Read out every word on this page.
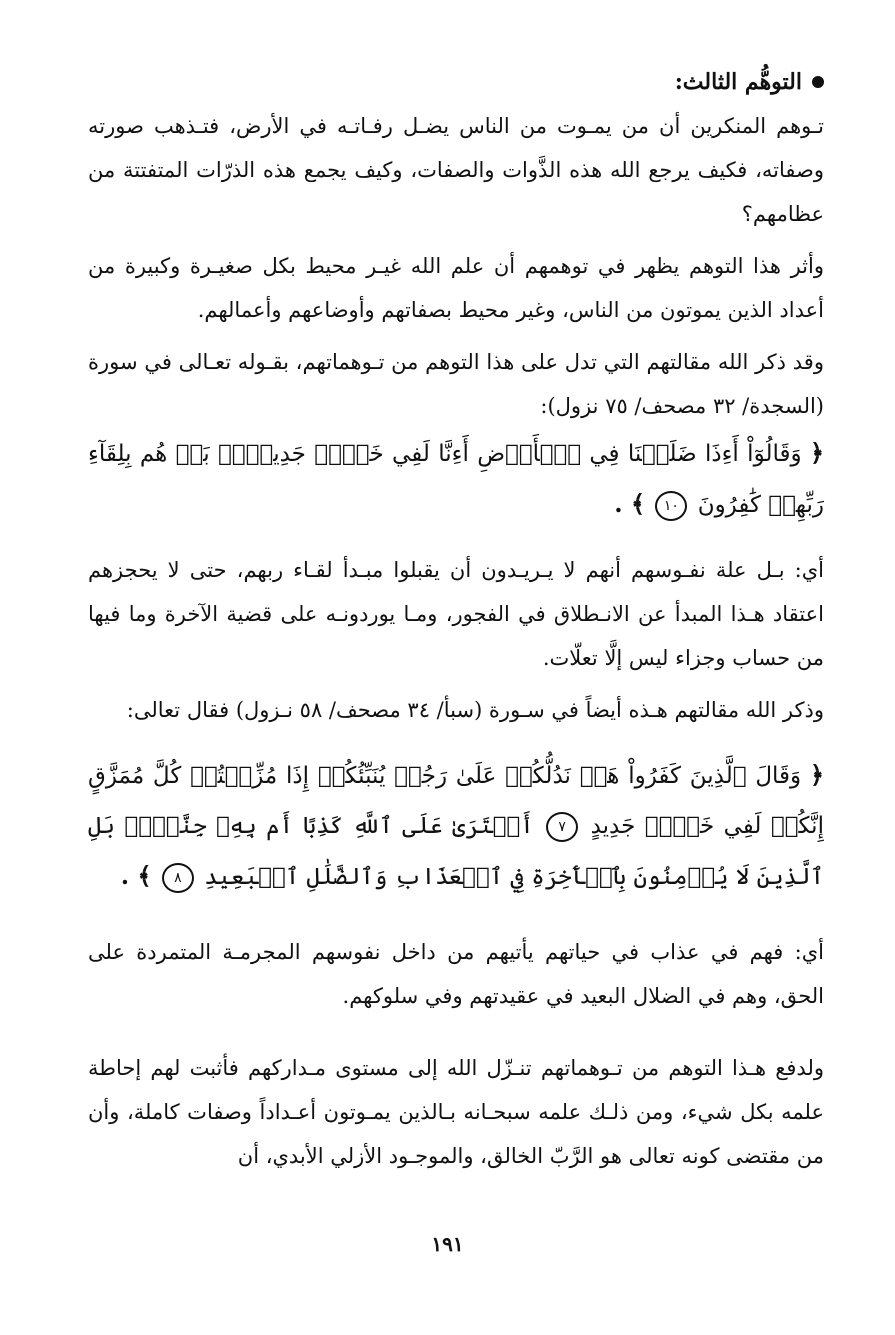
التوهُّم الثالث:

تـوهم المنكرين أن من يمـوت من الناس يضـل رفـاتـه في الأرض، فتـذهب صورته وصفاته، فكيف يرجع الله هذه الذَّوات والصفات، وكيف يجمع هذه الذرّات المتفتتة من عظامهم؟

وأثر هذا التوهم يظهر في توهمهم أن علم الله غيـر محيط بكل صغيـرة وكبيرة من أعداد الذين يموتون من الناس، وغير محيط بصفاتهم وأوضاعهم وأعمالهم.

وقد ذكر الله مقالتهم التي تدل على هذا التوهم من تـوهماتهم، بقـوله تعـالى في سورة (السجدة/ ٣٢ مصحف/ ٧٥ نزول):

﴿ وَقَالُوٓاْ أَءِذَا ضَلَلۡنَا فِي ٱلۡأَرۡضِ أَءِنَّا لَفِي خَلۡقٖ جَدِيدِۢۚ بَلۡ هُم بِلِقَآءِ رَبِّهِمۡ كَٰفِرُونَ ١٠ ﴾ .

أي: بـل علة نفـوسهم أنهم لا يـريـدون أن يقبلوا مبـدأ لقـاء ربهم، حتى لا يحجزهم اعتقاد هـذا المبدأ عن الانـطلاق في الفجور، ومـا يوردونـه على قضية الآخرة وما فيها من حساب وجزاء ليس إلَّا تعلّات.

وذكر الله مقالتهم هـذه أيضاً في سـورة (سبأ/ ٣٤ مصحف/ ٥٨ نـزول) فقال تعالى:

﴿ وَقَالَ ٱلَّذِينَ كَفَرُواْ هَلۡ نَدُلُّكُمۡ عَلَىٰ رَجُلٖ يُنَبِّئُكُمۡ إِذَا مُزِّقۡتُمۡ كُلَّ مُمَزَّقٍ إِنَّكُمۡ لَفِي خَلۡقٖ جَدِيدٍ ٧ أَفۡتَرَىٰ عَلَى ٱللَّهِ كَذِبًا أَم بِهِۦ جِنَّةُۢۗ بَلِ ٱلَّذِينَ لَا يُؤۡمِنُونَ بِٱلۡأٓخِرَةِ فِي ٱلۡعَذَابِ وَٱلضَّلَٰلِ ٱلۡبَعِيدِ ٨ ﴾ .

أي: فهم في عذاب في حياتهم يأتيهم من داخل نفوسهم المجرمـة المتمردة على الحق، وهم في الضلال البعيد في عقيدتهم وفي سلوكهم.

ولدفع هـذا التوهم من تـوهماتهم تنـزّل الله إلى مستوى مـداركهم فأثبت لهم إحاطة علمه بكل شيء، ومن ذلـك علمه سبحـانه بـالذين يمـوتون أعـداداً وصفات كاملة، وأن من مقتضى كونه تعالى هو الرَّبّ الخالق، والموجـود الأزلي الأبدي، أن

١٩١
